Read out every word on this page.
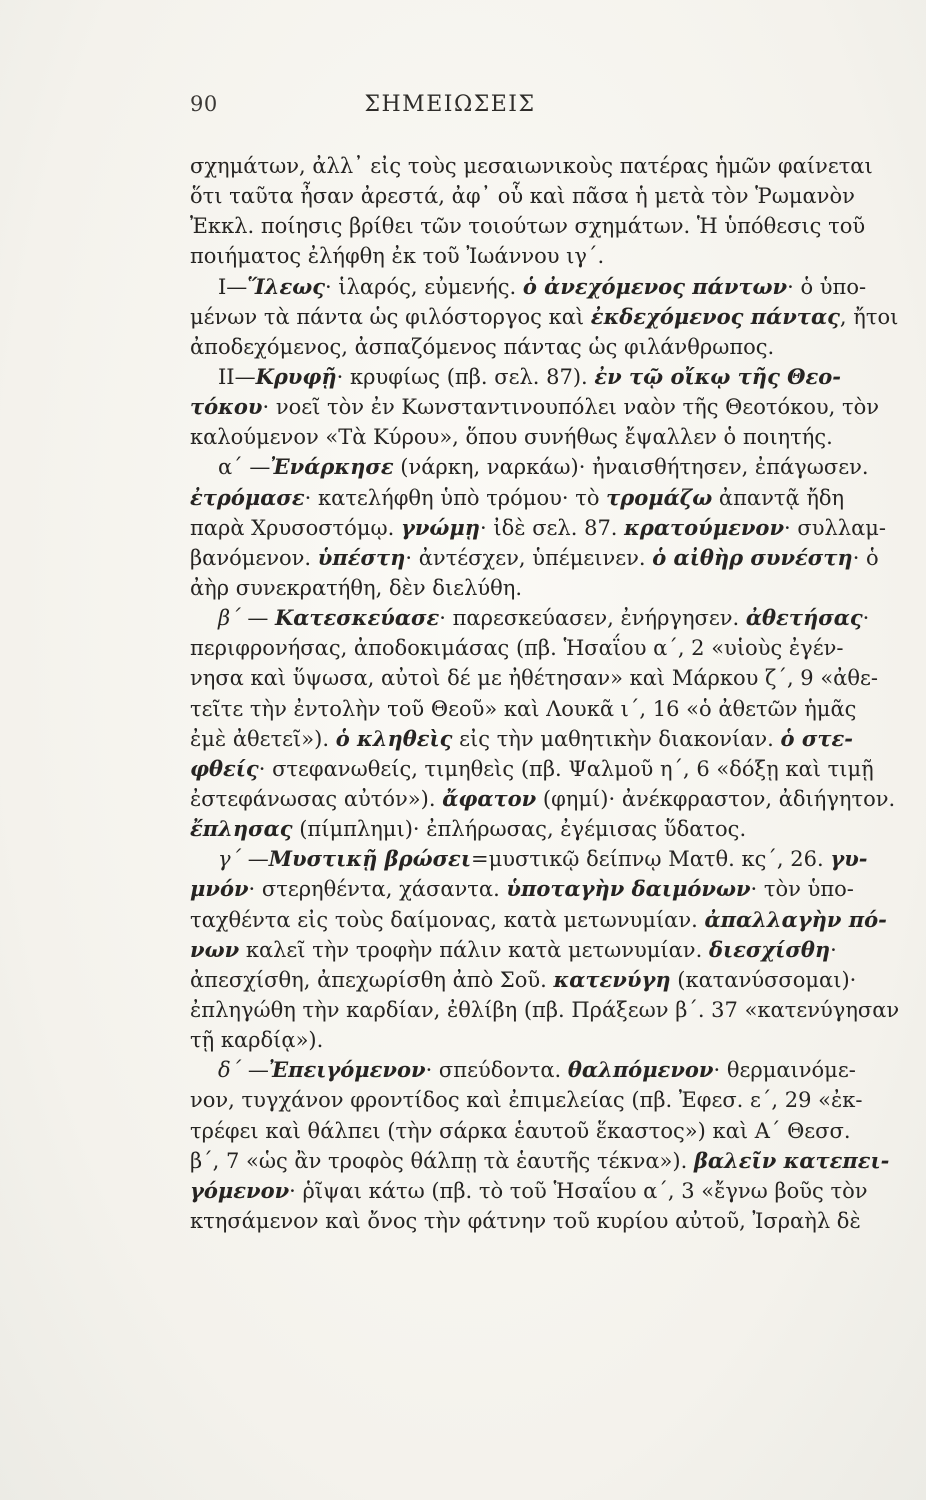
90	ΣΗΜΕΙΩΣΕΙΣ
σχημάτων, ἀλλ᾿ εἰς τοὺς μεσαιωνικοὺς πατέρας ἡμῶν φαίνεται
ὅτι ταῦτα ἦσαν ἀρεστά, ἀφ᾿ οὗ καὶ πᾶσα ἡ μετὰ τὸν Ῥωμανὸν
Ἐκκλ. ποίησις βρίθει τῶν τοιούτων σχημάτων. Ἡ ὑπόθεσις τοῦ
ποιήματος ἐλήφθη ἐκ τοῦ Ἰωάννου ιγ΄.
I—Ἵλεως· ἱλαρός, εὐμενής. ὁ ἀνεχόμενος πάντων· ὁ ὑπο-
μένων τὰ πάντα ὡς φιλόστοργος καὶ ἐκδεχόμενος πάντας, ἤτοι
ἀποδεχόμενος, ἀσπαζόμενος πάντας ὡς φιλάνθρωπος.
II—Κρυφῇ· κρυφίως (πβ. σελ. 87). ἐν τῷ οἴκῳ τῆς Θεο-
τόκου· νοεῖ τὸν ἐν Κωνσταντινουπόλει ναὸν τῆς Θεοτόκου, τὸν
καλούμενον «Τὰ Κύρου», ὅπου συνήθως ἔψαλλεν ὁ ποιητής.
α΄ —Ἐνάρκησε (νάρκη, ναρκάω)· ἠναισθήτησεν, ἐπάγωσεν.
ἐτρόμασε· κατελήφθη ὑπὸ τρόμου· τὸ τρομάζω ἀπαντᾷ ἤδη
παρὰ Χρυσοστόμῳ. γνώμῃ· ἰδὲ σελ. 87. κρατούμενον· συλλαμ-
βανόμενον. ὑπέστη· ἀντέσχεν, ὑπέμεινεν. ὁ αἰθὴρ συνέστη· ὁ
ἀὴρ συνεκρατήθη, δὲν διελύθη.
β΄ — Κατεσκεύασε· παρεσκεύασεν, ἐνήργησεν. ἀθετήσας·
περιφρονήσας, ἀποδοκιμάσας (πβ. Ἡσαΐου α΄, 2 «υἱοὺς ἐγέν-
νησα καὶ ὕψωσα, αὐτοὶ δέ με ἠθέτησαν» καὶ Μάρκου ζ΄, 9 «ἀθε-
τεῖτε τὴν ἐντολὴν τοῦ Θεοῦ» καὶ Λουκᾶ ι΄, 16 «ὁ ἀθετῶν ἡμᾶς
ἐμὲ ἀθετεῖ»). ὁ κληθεὶς εἰς τὴν μαθητικὴν διακονίαν. ὁ στε-
φθείς· στεφανωθείς, τιμηθεὶς (πβ. Ψαλμοῦ η΄, 6 «δόξῃ καὶ τιμῇ
ἐστεφάνωσας αὐτόν»). ἄφατον (φημί)· ἀνέκφραστον, ἀδιήγητον.
ἔπλησας (πίμπλημι)· ἐπλήρωσας, ἐγέμισας ὕδατος.
γ΄ —Μυστικῇ βρώσει=μυστικῷ δείπνῳ Ματθ. κς΄, 26. γυ-
μνόν· στερηθέντα, χάσαντα. ὑποταγὴν δαιμόνων· τὸν ὑπο-
ταχθέντα εἰς τοὺς δαίμονας, κατὰ μετωνυμίαν. ἀπαλλαγὴν πό-
νων καλεῖ τὴν τροφὴν πάλιν κατὰ μετωνυμίαν. διεσχίσθη·
ἀπεσχίσθη, ἀπεχωρίσθη ἀπὸ Σοῦ. κατενύγη (κατανύσσομαι)·
ἐπληγώθη τὴν καρδίαν, ἐθλίβη (πβ. Πράξεων β΄. 37 «κατενύγησαν
τῇ καρδίᾳ»).
δ΄ —Ἐπειγόμενον· σπεύδοντα. θαλπόμενον· θερμαινόμε-
νον, τυγχάνον φροντίδος καὶ ἐπιμελείας (πβ. Ἐφεσ. ε΄, 29 «ἐκ-
τρέφει καὶ θάλπει (τὴν σάρκα ἑαυτοῦ ἕκαστος») καὶ Α΄ Θεσσ.
β΄, 7 «ὡς ἂν τροφὸς θάλπῃ τὰ ἑαυτῆς τέκνα»). βαλεῖν κατεπει-
γόμενον· ῥῖψαι κάτω (πβ. τὸ τοῦ Ἡσαΐου α΄, 3 «ἔγνω βοῦς τὸν
κτησάμενον καὶ ὄνος τὴν φάτνην τοῦ κυρίου αὐτοῦ, Ἰσραὴλ δὲ
